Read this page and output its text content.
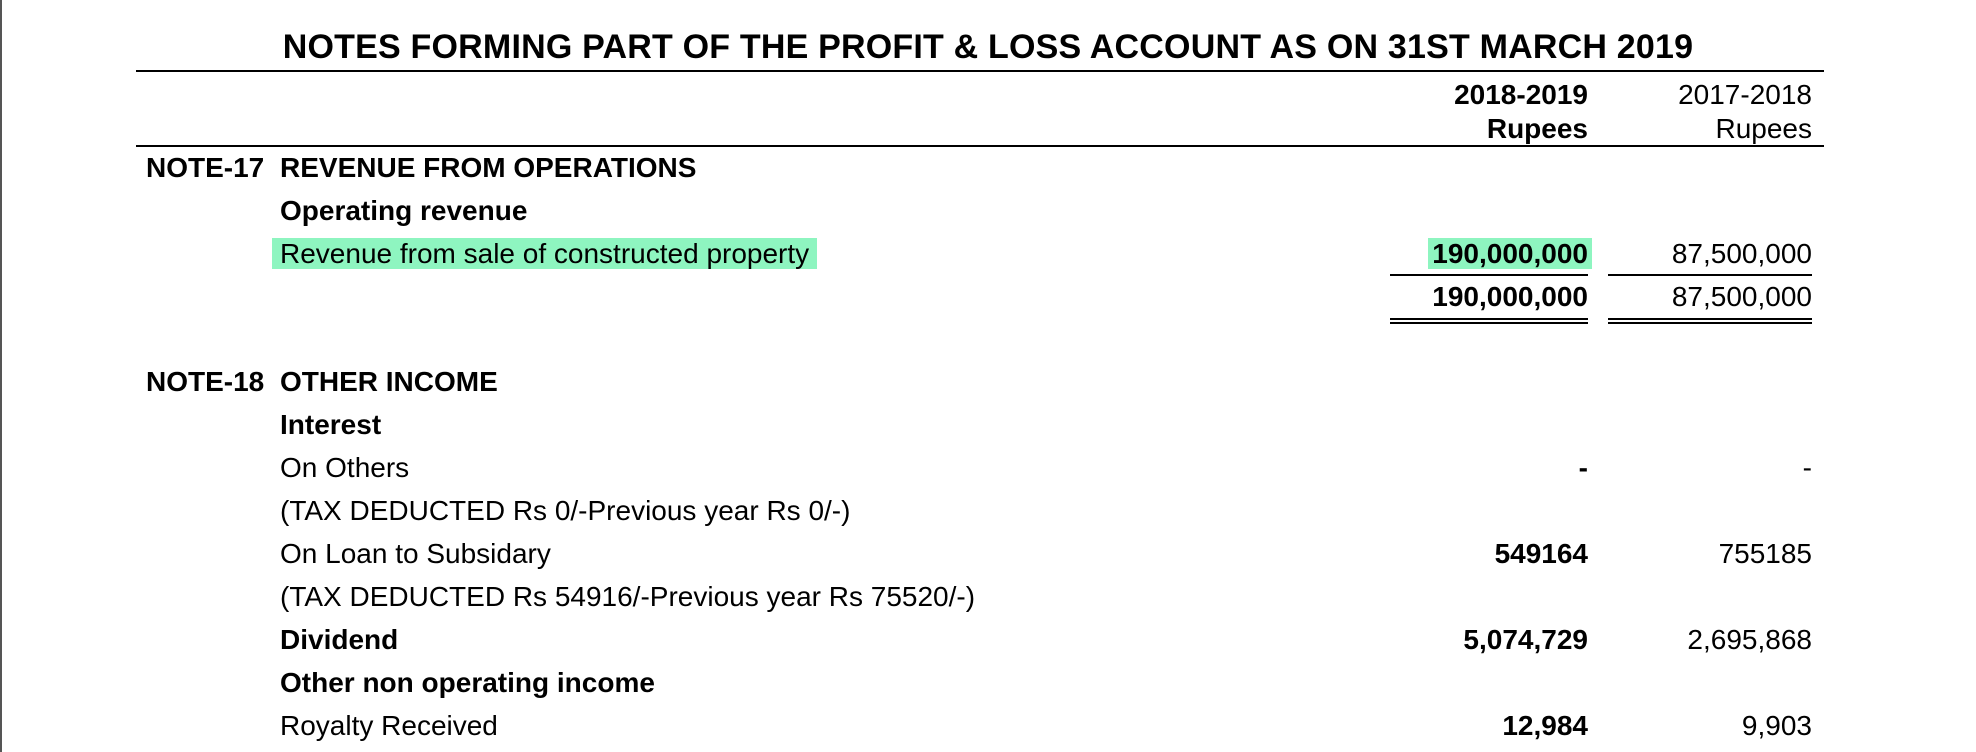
NOTES FORMING PART OF THE PROFIT & LOSS ACCOUNT AS ON 31ST MARCH 2019
2018-2019
Rupees
2017-2018
Rupees
NOTE-17 REVENUE FROM OPERATIONS
Operating revenue
Revenue from sale of constructed property	190,000,000	87,500,000
190,000,000	87,500,000
NOTE-18 OTHER INCOME
Interest
On Others	-	-
(TAX DEDUCTED Rs 0/-Previous year Rs 0/-)
On Loan to Subsidary	549164	755185
(TAX DEDUCTED Rs 54916/-Previous year Rs 75520/-)
Dividend	5,074,729	2,695,868
Other non operating income
Royalty Received	12,984	9,903
